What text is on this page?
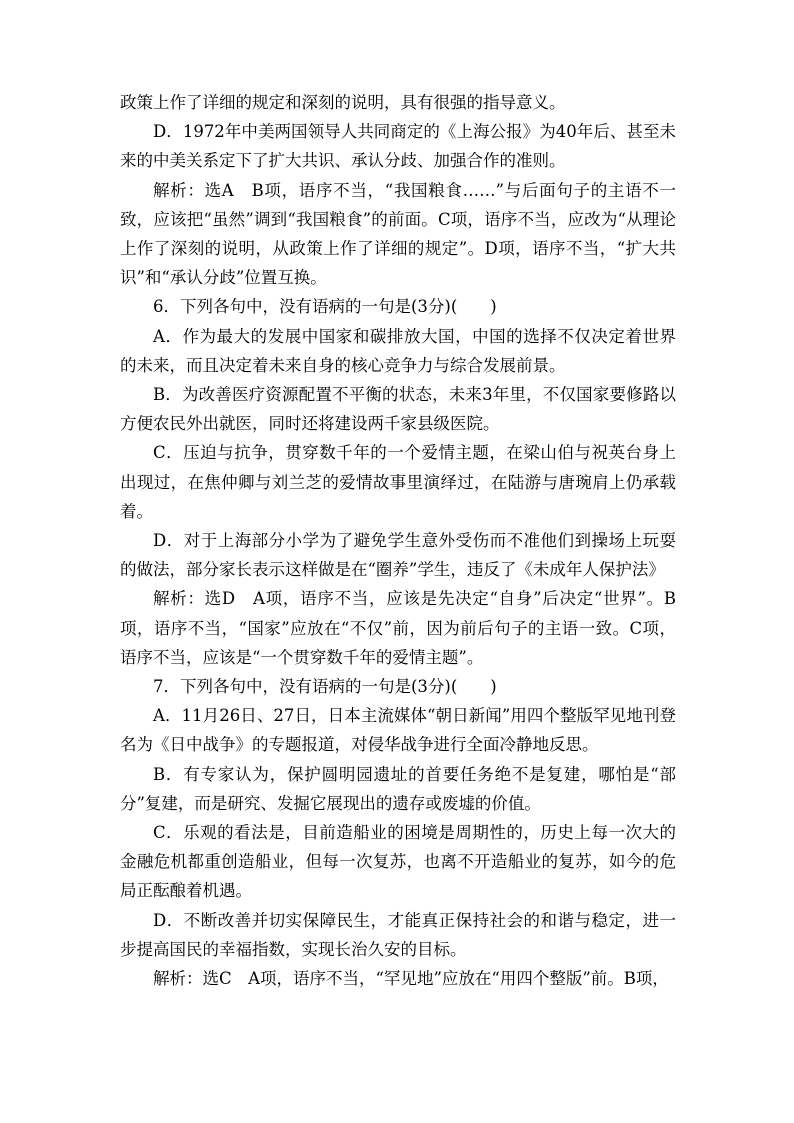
政策上作了详细的规定和深刻的说明，具有很强的指导意义。

D．1972年中美两国领导人共同商定的《上海公报》为40年后、甚至未来的中美关系定下了扩大共识、承认分歧、加强合作的准则。

解析：选A　B项，语序不当，“我国粮食……”与后面句子的主语不一致，应该把“虽然”调到“我国粮食”的前面。C项，语序不当，应改为“从理论上作了深刻的说明，从政策上作了详细的规定”。D项，语序不当，“扩大共识”和“承认分歧”位置互换。

6．下列各句中，没有语病的一句是(3分)(　　)

A．作为最大的发展中国家和碳排放大国，中国的选择不仅决定着世界的未来，而且决定着未来自身的核心竞争力与综合发展前景。

B．为改善医疗资源配置不平衡的状态，未来3年里，不仅国家要修路以方便农民外出就医，同时还将建设两千家县级医院。

C．压迫与抗争，贯穿数千年的一个爱情主题，在梁山伯与祝英台身上出现过，在焦仲卿与刘兰芝的爱情故事里演绎过，在陆游与唐琬肩上仍承载着。

D．对于上海部分小学为了避免学生意外受伤而不准他们到操场上玩耍的做法，部分家长表示这样做是在“圈养”学生，违反了《未成年人保护法》

解析：选D　A项，语序不当，应该是先决定“自身”后决定“世界”。B项，语序不当，“国家”应放在“不仅”前，因为前后句子的主语一致。C项，语序不当，应该是“一个贯穿数千年的爱情主题”。

7．下列各句中，没有语病的一句是(3分)(　　)

A．11月26日、27日，日本主流媒体“朝日新闻”用四个整版罕见地刊登名为《日中战争》的专题报道，对侵华战争进行全面冷静地反思。

B．有专家认为，保护圆明园遗址的首要任务绝不是复建，哪怕是“部分”复建，而是研究、发掘它展现出的遗存或废墟的价值。

C．乐观的看法是，目前造船业的困境是周期性的，历史上每一次大的金融危机都重创造船业，但每一次复苏，也离不开造船业的复苏，如今的危局正酝酿着机遇。

D．不断改善并切实保障民生，才能真正保持社会的和谐与稳定，进一步提高国民的幸福指数，实现长治久安的目标。

解析：选C　A项，语序不当，“罕见地”应放在“用四个整版”前。B项，
